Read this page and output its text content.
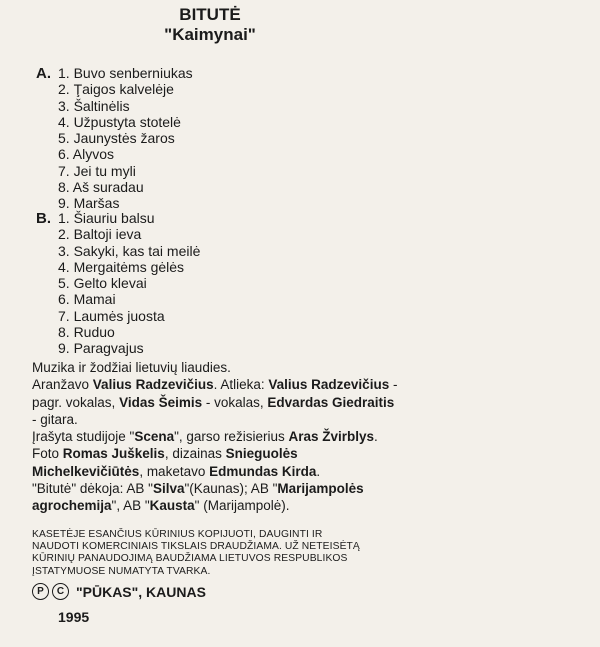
BITUTĖ
"Kaimynai"
A. 1. Buvo senberniukas
2. Ţaigos kalvelėje
3. Šaltinėlis
4. Užpustyta stotelė
5. Jaunystės žaros
6. Alyvos
7. Jei tu myli
8. Aš suradau
9. Maršas
B. 1. Šiauriu balsu
2. Baltoji ieva
3. Sakyki, kas tai meilė
4. Mergaitėms gėlės
5. Gelto klevai
6. Mamai
7. Laumės juosta
8. Ruduo
9. Paragvajus

Muzika ir žodžiai lietuvių liaudies.

Aranžavo Valius Radzevičius. Atlieka: Valius Radzevičius - pagr. vokalas, Vidas Šeimis - vokalas, Edvardas Giedraitis - gitara.

Įrašyta studijoje "Scena", garso režisierius Aras Žvirblys.

Foto Romas Juškelis, dizainas Snieguolės Michelkevičiūtės, maketavo Edmundas Kirda.

"Bitutė" dėkoja: AB "Silva"(Kaunas); AB "Marijampolės agrochemija", AB "Kausta" (Marijampolė).

KASETĖJE ESANČIUS KŪRINIUS KOPIJUOTI, DAUGINTI IR

NAUDOTI KOMERCINIAIS TIKSLAIS DRAUDŽIAMA. UŽ NETEISĖTĄ

KŪRINIŲ PANAUDOJIMĄ BAUDŽIAMA LIETUVOS RESPUBLIKOS

ĮSTATYMUOSE NUMATYTA TVARKA.

P	C "PŪKAS", KAUNAS
1995
